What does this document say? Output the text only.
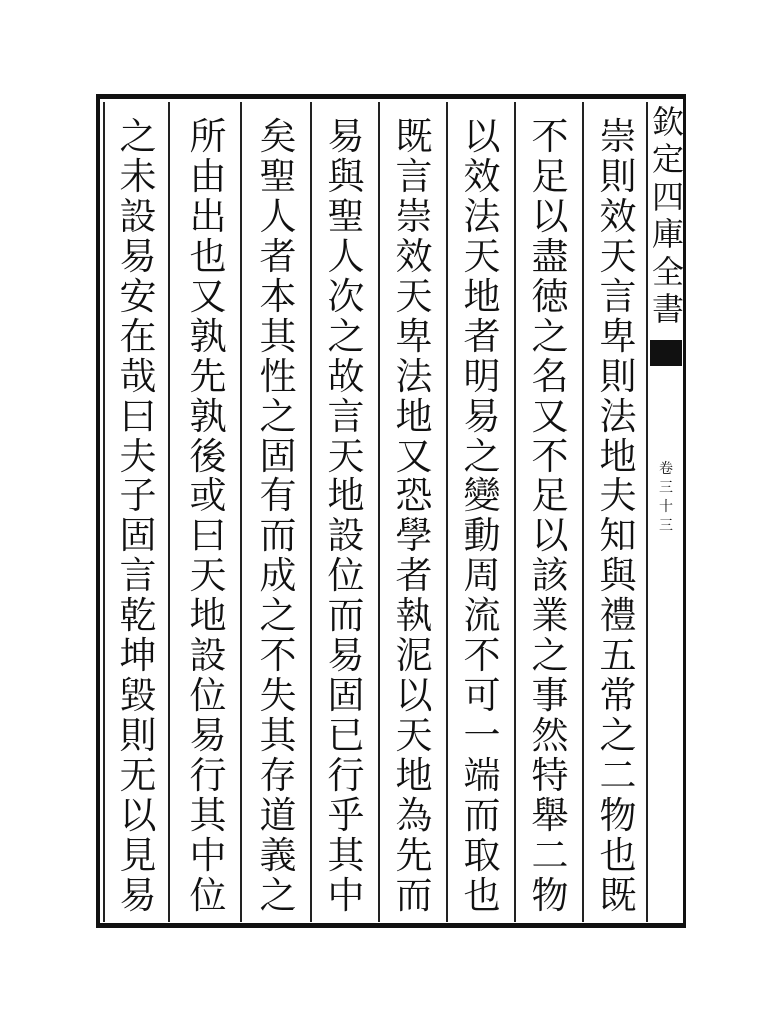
崇
則
效
天
言
卑
則
法
地
夫
知
與
禮
五
常
之
二
物
也
既
不
足
以
盡
徳
之
名
又
不
足
以
該
業
之
事
然
特
舉
二
物
以
效
法
天
地
者
明
易
之
變
動
周
流
不
可
一
端
而
取
也
既
言
崇
效
天
卑
法
地
又
恐
學
者
執
泥
以
天
地
為
先
而
易
與
聖
人
次
之
故
言
天
地
設
位
而
易
固
已
行
乎
其
中
矣
聖
人
者
本
其
性
之
固
有
而
成
之
不
失
其
存
道
義
之
所
由
出
也
又
孰
先
孰
後
或
曰
天
地
設
位
易
行
其
中
位
之
未
設
易
安
在
哉
曰
夫
子
固
言
乾
坤
毀
則
无
以
見
易
欽
定
四
庫
全
書
卷
三
十
三
